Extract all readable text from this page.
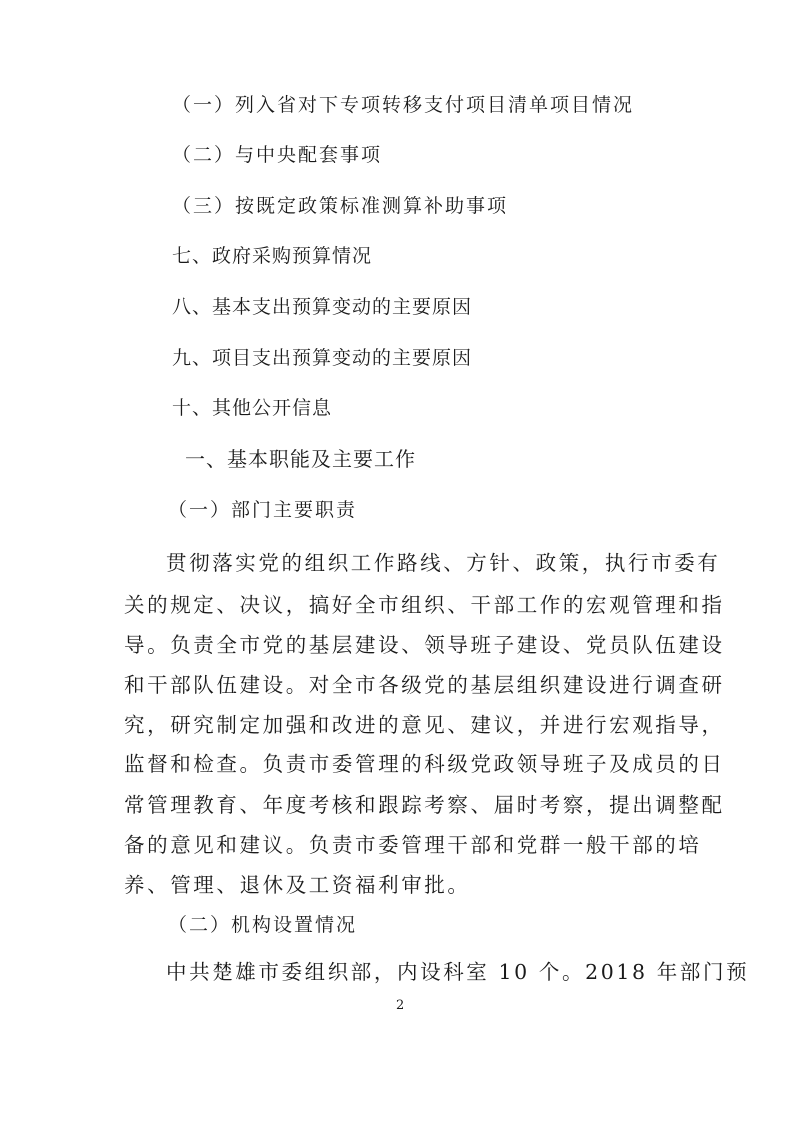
（一）列入省对下专项转移支付项目清单项目情况

（二）与中央配套事项

（三）按既定政策标准测算补助事项

七、政府采购预算情况

八、基本支出预算变动的主要原因

九、项目支出预算变动的主要原因

十、其他公开信息

一、基本职能及主要工作

（一）部门主要职责

贯彻落实党的组织工作路线、方针、政策，执行市委有

关的规定、决议，搞好全市组织、干部工作的宏观管理和指

导。负责全市党的基层建设、领导班子建设、党员队伍建设

和干部队伍建设。对全市各级党的基层组织建设进行调查研

究，研究制定加强和改进的意见、建议，并进行宏观指导，

监督和检查。负责市委管理的科级党政领导班子及成员的日

常管理教育、年度考核和跟踪考察、届时考察，提出调整配

备的意见和建议。负责市委管理干部和党群一般干部的培

养、管理、退休及工资福利审批。

（二）机构设置情况

中共楚雄市委组织部，内设科室 10 个。2018 年部门预

2
